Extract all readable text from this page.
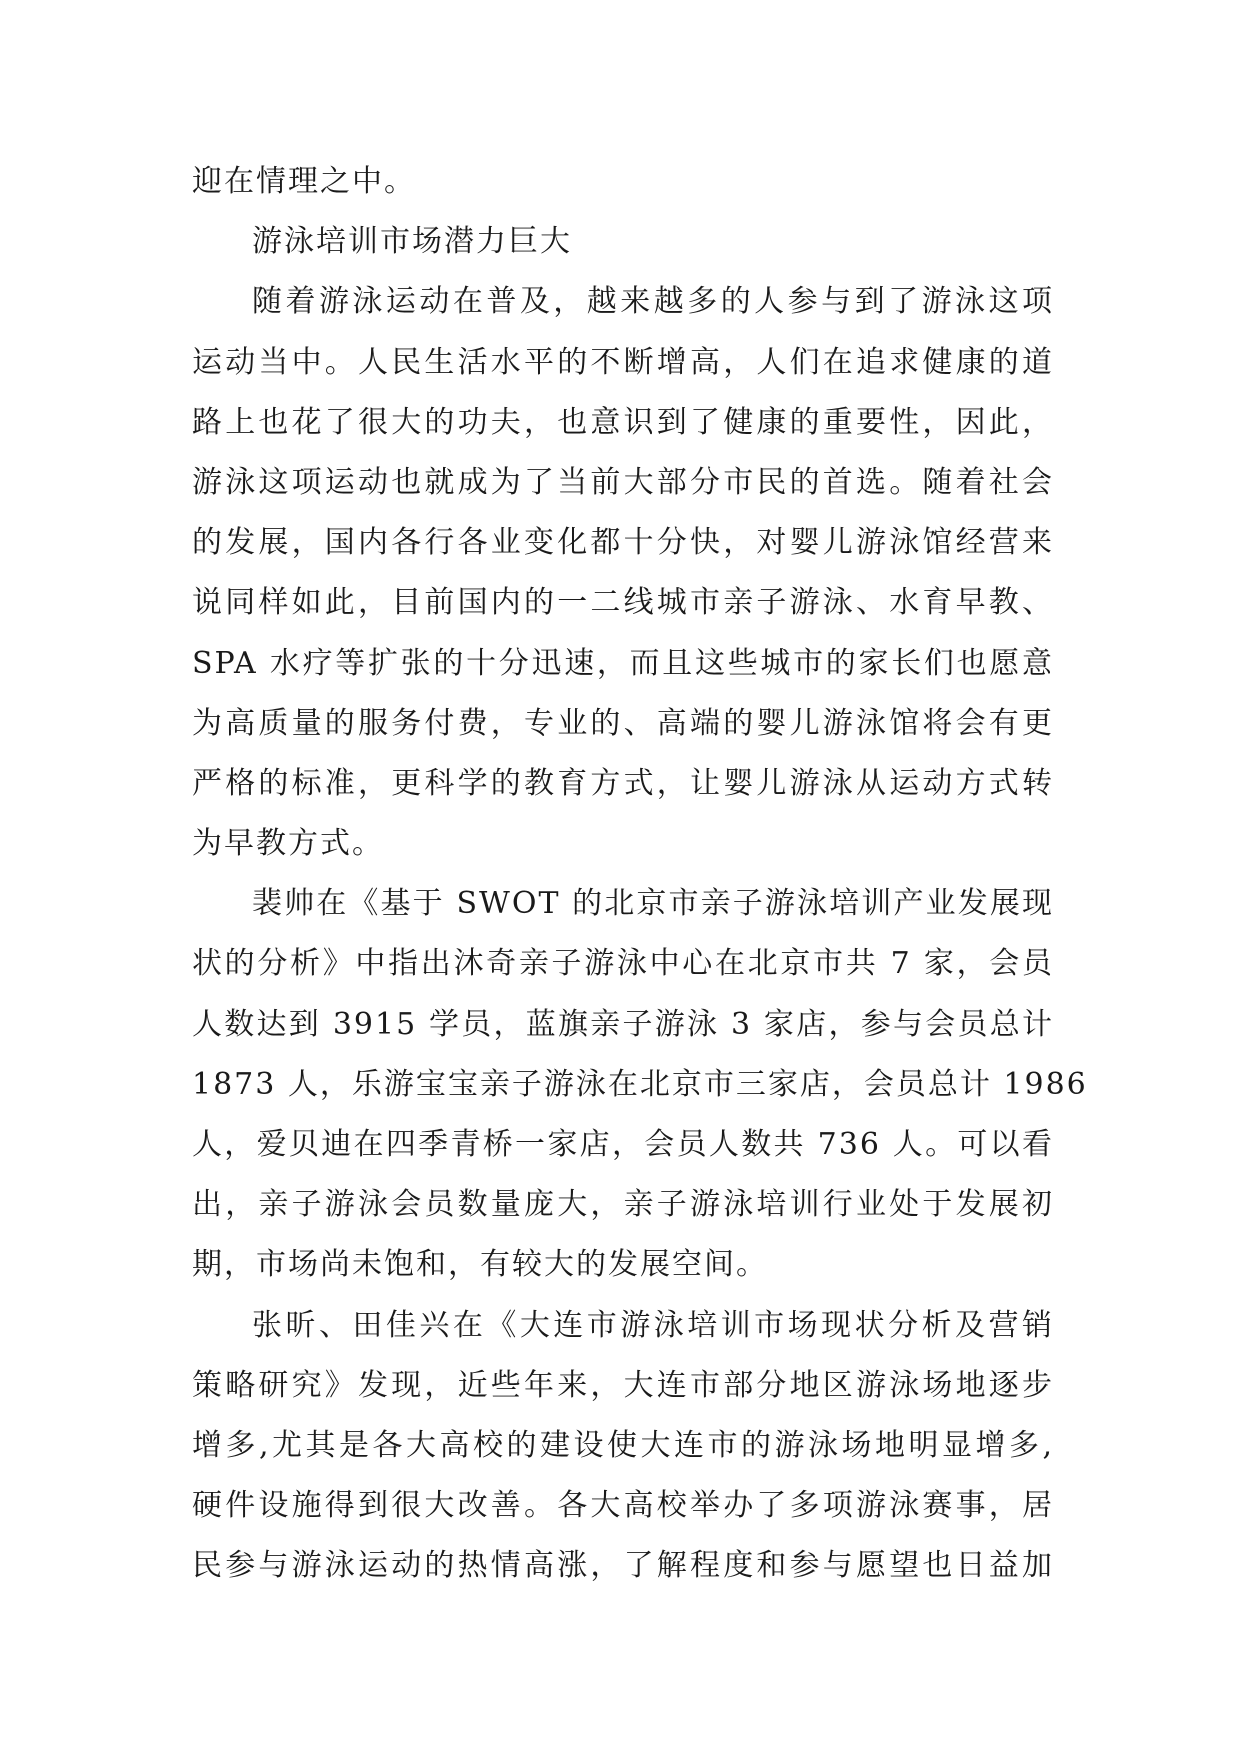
迎在情理之中。
游泳培训市场潜力巨大
随着游泳运动在普及，越来越多的人参与到了游泳这项
运动当中。人民生活水平的不断增高，人们在追求健康的道
路上也花了很大的功夫，也意识到了健康的重要性，因此，
游泳这项运动也就成为了当前大部分市民的首选。随着社会
的发展，国内各行各业变化都十分快，对婴儿游泳馆经营来
说同样如此，目前国内的一二线城市亲子游泳、水育早教、
SPA 水疗等扩张的十分迅速，而且这些城市的家长们也愿意
为高质量的服务付费，专业的、高端的婴儿游泳馆将会有更
严格的标准，更科学的教育方式，让婴儿游泳从运动方式转
为早教方式。
裴帅在《基于 SWOT 的北京市亲子游泳培训产业发展现
状的分析》中指出沐奇亲子游泳中心在北京市共 7 家，会员
人数达到 3915 学员，蓝旗亲子游泳 3 家店，参与会员总计
1873 人，乐游宝宝亲子游泳在北京市三家店，会员总计 1986
人，爱贝迪在四季青桥一家店，会员人数共 736 人。可以看
出，亲子游泳会员数量庞大，亲子游泳培训行业处于发展初
期，市场尚未饱和，有较大的发展空间。
张昕、田佳兴在《大连市游泳培训市场现状分析及营销
策略研究》发现，近些年来，大连市部分地区游泳场地逐步
增多,尤其是各大高校的建设使大连市的游泳场地明显增多,
硬件设施得到很大改善。各大高校举办了多项游泳赛事，居
民参与游泳运动的热情高涨，了解程度和参与愿望也日益加
